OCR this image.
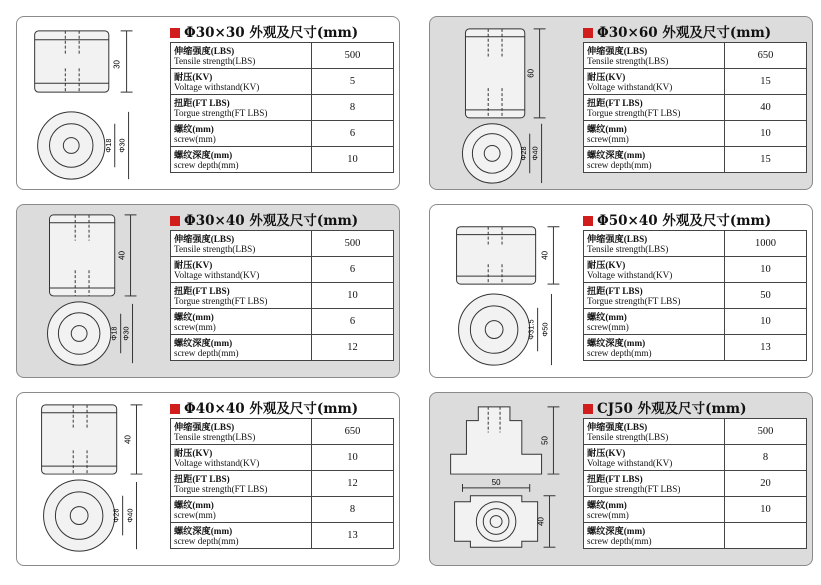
30
Φ18 Φ30
Φ30×30 外观及尺寸(mm)
伸缩强度(LBS)
Tensile strength(LBS)	500

耐压(KV)
Voltage withstand(KV)	5

扭距(FT LBS)
Torgue strength(FT LBS)	8

螺纹(mm)
screw(mm)	6

螺纹深度(mm)
screw depth(mm)	10
60
Φ28 Φ40
Φ30×60 外观及尺寸(mm)
伸缩强度(LBS)
Tensile strength(LBS)	650

耐压(KV)
Voltage withstand(KV)	15

扭距(FT LBS)
Torgue strength(FT LBS)	40

螺纹(mm)
screw(mm)	10

螺纹深度(mm)
screw depth(mm)	15
40
Φ18 Φ30
Φ30×40 外观及尺寸(mm)
伸缩强度(LBS)
Tensile strength(LBS)	500

耐压(KV)
Voltage withstand(KV)	6

扭距(FT LBS)
Torgue strength(FT LBS)	10

螺纹(mm)
screw(mm)	6

螺纹深度(mm)
screw depth(mm)	12
40
Φ31.5 Φ50
Φ50×40 外观及尺寸(mm)
伸缩强度(LBS)
Tensile strength(LBS)	1000

耐压(KV)
Voltage withstand(KV)	10

扭距(FT LBS)
Torgue strength(FT LBS)	50

螺纹(mm)
screw(mm)	10

螺纹深度(mm)
screw depth(mm)	13
40
Φ28 Φ40
Φ40×40 外观及尺寸(mm)
伸缩强度(LBS)
Tensile strength(LBS)	650

耐压(KV)
Voltage withstand(KV)	10

扭距(FT LBS)
Torgue strength(FT LBS)	12

螺纹(mm)
screw(mm)	8

螺纹深度(mm)
screw depth(mm)	13
50
50
40
CJ50 外观及尺寸(mm)
伸缩强度(LBS)
Tensile strength(LBS)	500

耐压(KV)
Voltage withstand(KV)	8

扭距(FT LBS)
Torgue strength(FT LBS)	20

螺纹(mm)
screw(mm)	10

螺纹深度(mm)
screw depth(mm)	
